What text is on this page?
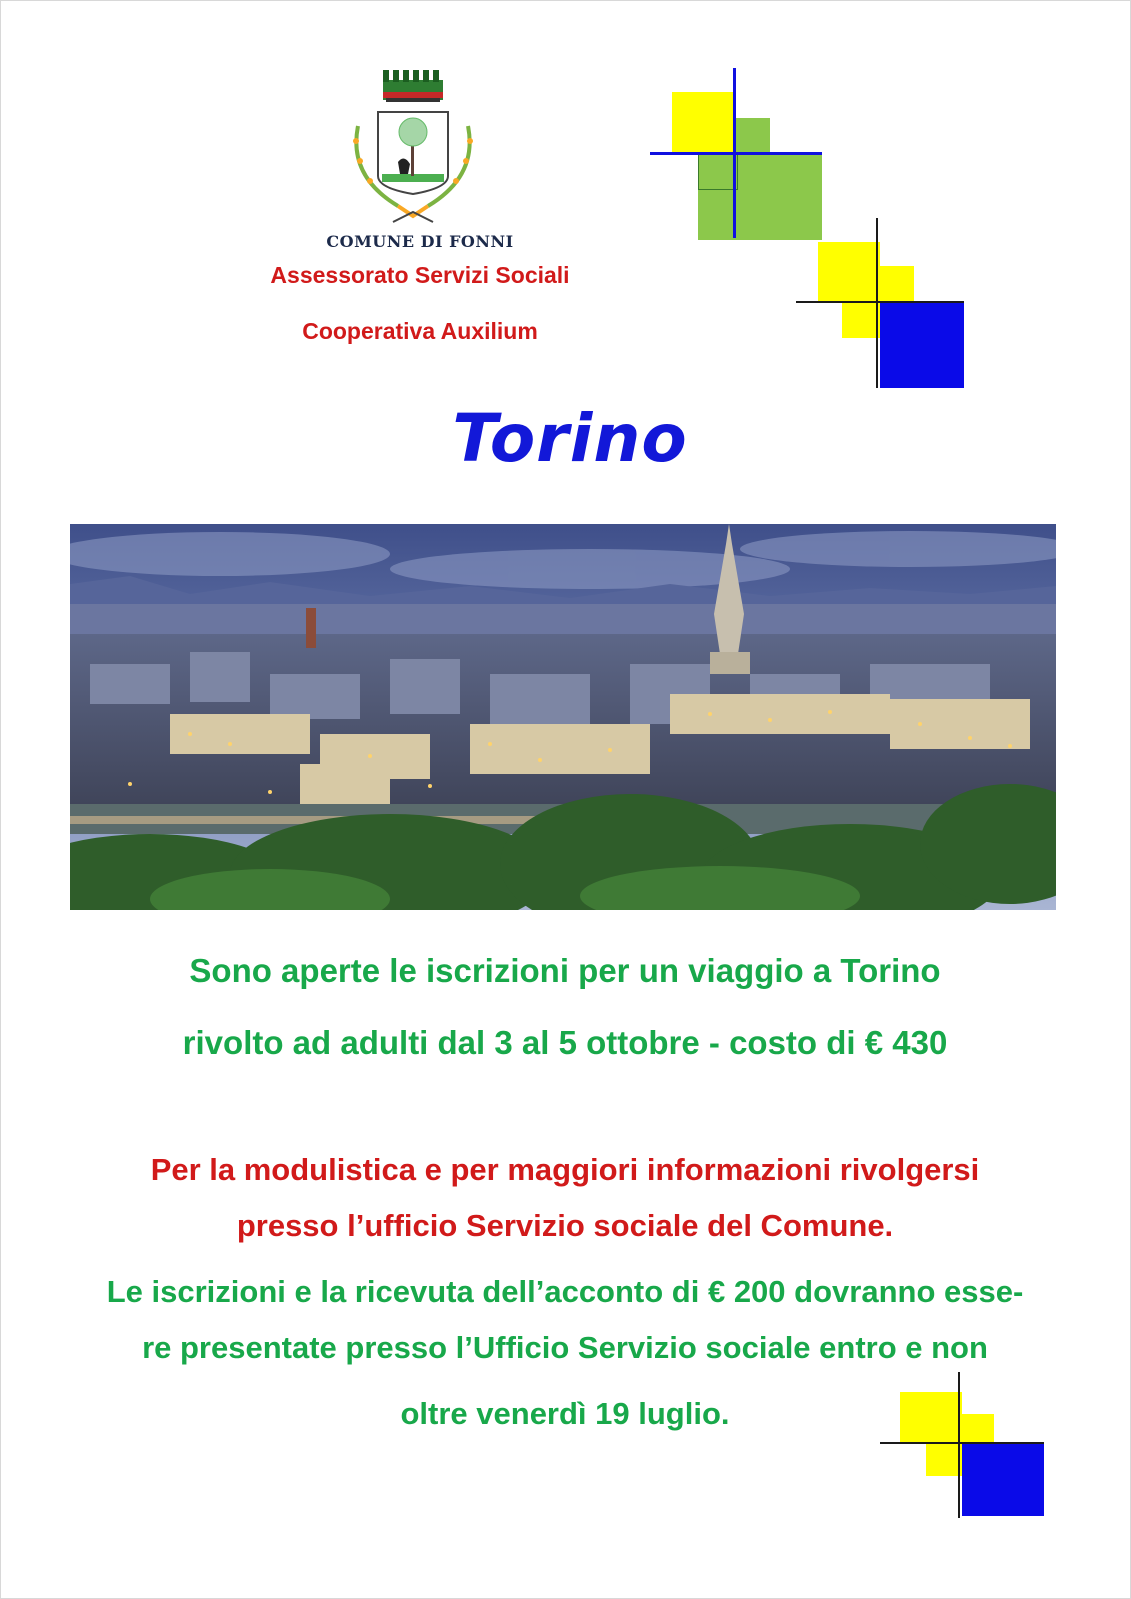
COMUNE DI FONNI
Assessorato Servizi Sociali
Cooperativa Auxilium
Torino
Sono aperte le iscrizioni per un viaggio a Torino
rivolto ad adulti dal 3 al 5 ottobre - costo di € 430
Per la modulistica e per maggiori informazioni rivolgersi
presso l’ufficio Servizio sociale del Comune.
Le iscrizioni e la ricevuta dell’acconto di € 200 dovranno esse-
re presentate presso l’Ufficio Servizio sociale entro e non
oltre venerdì 19 luglio.
